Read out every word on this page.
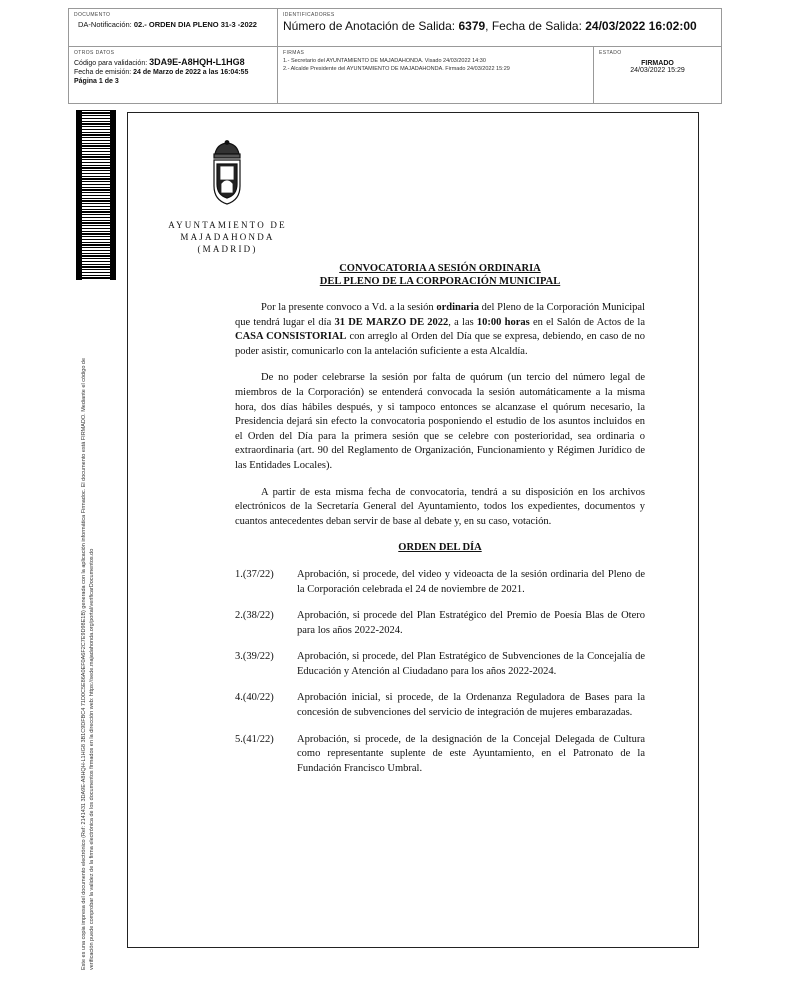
DOCUMENTO
DA-Notificación: 02.- ORDEN DIA PLENO 31-3 -2022
IDENTIFICADORES
Número de Anotación de Salida: 6379, Fecha de Salida: 24/03/2022 16:02:00
OTROS DATOS
Código para validación: 3DA9E-A8HQH-L1HG8
Fecha de emisión: 24 de Marzo de 2022 a las 16:04:55
Página 1 de 3
FIRMAS
1.- Secretario del AYUNTAMIENTO DE MAJADAHONDA. Visado 24/03/2022 14:30
2.- Alcalde Presidente del AYUNTAMIENTO DE MAJADAHONDA. Firmado 24/03/2022 15:29
ESTADO
FIRMADO
24/03/2022 15:29
Este es una copia impresa del documento electrónico (Ref: 2141431 3DA9E-A8HQH-L1HG8 3B1C9DFBC4 71D0C5E86A0EF0A6F2C7E9D98E1B) generada con la aplicación informática Firmadoc. El documento está FIRMADO. Mediante el código de verificación puede comprobar la validez de la firma electrónica de los documentos firmados en la dirección web: https://sede.majadahonda.org/portal/verificarDocumentos.do
AYUNTAMIENTO DE
MAJADAHONDA
(MADRID)
CONVOCATORIA A SESIÓN ORDINARIA
DEL PLENO DE LA CORPORACIÓN MUNICIPAL

Por la presente convoco a Vd. a la sesión ordinaria del Pleno de la Corporación Municipal que tendrá lugar el día 31 DE MARZO DE 2022, a las 10:00 horas en el Salón de Actos de la CASA CONSISTORIAL con arreglo al Orden del Día que se expresa, debiendo, en caso de no poder asistir, comunicarlo con la antelación suficiente a esta Alcaldía.

De no poder celebrarse la sesión por falta de quórum (un tercio del número legal de miembros de la Corporación) se entenderá convocada la sesión automáticamente a la misma hora, dos días hábiles después, y si tampoco entonces se alcanzase el quórum necesario, la Presidencia dejará sin efecto la convocatoria posponiendo el estudio de los asuntos incluidos en el Orden del Día para la primera sesión que se celebre con posterioridad, sea ordinaria o extraordinaria (art. 90 del Reglamento de Organización, Funcionamiento y Régimen Jurídico de las Entidades Locales).

A partir de esta misma fecha de convocatoria, tendrá a su disposición en los archivos electrónicos de la Secretaría General del Ayuntamiento, todos los expedientes, documentos y cuantos antecedentes deban servir de base al debate y, en su caso, votación.

ORDEN DEL DÍA
1.(37/22)	Aprobación, si procede, del video y videoacta de la sesión ordinaria del Pleno de la Corporación celebrada el 24 de noviembre de 2021.
2.(38/22)	Aprobación, si procede del Plan Estratégico del Premio de Poesía Blas de Otero para los años 2022-2024.
3.(39/22)	Aprobación, si procede, del Plan Estratégico de Subvenciones de la Concejalía de Educación y Atención al Ciudadano para los años 2022-2024.
4.(40/22)	Aprobación inicial, si procede, de la Ordenanza Reguladora de Bases para la concesión de subvenciones del servicio de integración de mujeres embarazadas.
5.(41/22)	Aprobación, si procede, de la designación de la Concejal Delegada de Cultura como representante suplente de este Ayuntamiento, en el Patronato de la Fundación Francisco Umbral.
